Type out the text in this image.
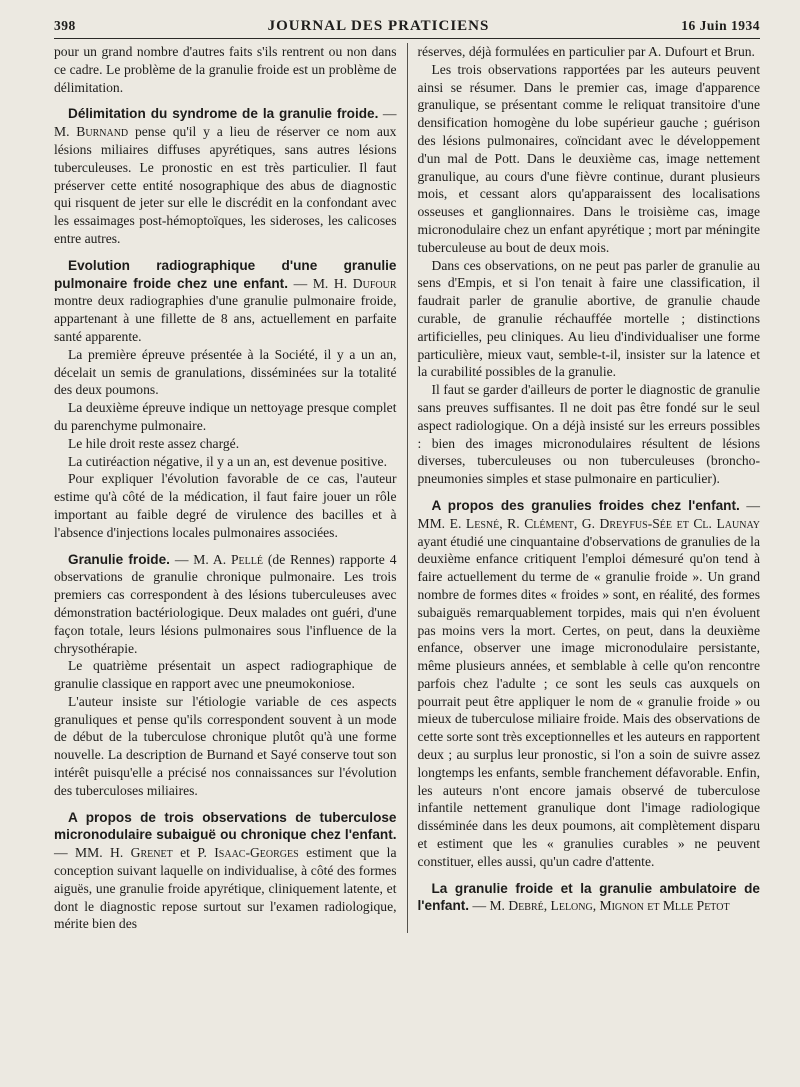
398	JOURNAL DES PRATICIENS	16 Juin 1934

pour un grand nombre d'autres faits s'ils rentrent ou non dans ce cadre. Le problème de la granulie froide est un problème de délimitation.

Délimitation du syndrome de la granulie froide. — M. Burnand pense qu'il y a lieu de réserver ce nom aux lésions miliaires diffuses apyrétiques, sans autres lésions tuberculeuses. Le pronostic en est très particulier. Il faut préserver cette entité nosographique des abus de diagnostic qui risquent de jeter sur elle le discrédit en la confondant avec les essaimages post-hémoptoïques, les sideroses, les calicoses entre autres.

Evolution radiographique d'une granulie pulmonaire froide chez une enfant. — M. H. Dufour montre deux radiographies d'une granulie pulmonaire froide, appartenant à une fillette de 8 ans, actuellement en parfaite santé apparente.

La première épreuve présentée à la Société, il y a un an, décelait un semis de granulations, disséminées sur la totalité des deux poumons.

La deuxième épreuve indique un nettoyage presque complet du parenchyme pulmonaire.

Le hile droit reste assez chargé.

La cutiréaction négative, il y a un an, est devenue positive.

Pour expliquer l'évolution favorable de ce cas, l'auteur estime qu'à côté de la médication, il faut faire jouer un rôle important au faible degré de virulence des bacilles et à l'absence d'injections locales pulmonaires associées.

Granulie froide. — M. A. Pellé (de Rennes) rapporte 4 observations de granulie chronique pulmonaire. Les trois premiers cas correspondent à des lésions tuberculeuses avec démonstration bactériologique. Deux malades ont guéri, d'une façon totale, leurs lésions pulmonaires sous l'influence de la chrysothérapie.

Le quatrième présentait un aspect radiographique de granulie classique en rapport avec une pneumokoniose.

L'auteur insiste sur l'étiologie variable de ces aspects granuliques et pense qu'ils correspondent souvent à un mode de début de la tuberculose chronique plutôt qu'à une forme nouvelle. La description de Burnand et Sayé conserve tout son intérêt puisqu'elle a précisé nos connaissances sur l'évolution des tuberculoses miliaires.

A propos de trois observations de tuberculose micronodulaire subaiguë ou chronique chez l'enfant. — MM. H. Grenet et P. Isaac-Georges estiment que la conception suivant laquelle on individualise, à côté des formes aiguës, une granulie froide apyrétique, cliniquement latente, et dont le diagnostic repose surtout sur l'examen radiologique, mérite bien des

réserves, déjà formulées en particulier par A. Dufourt et Brun.

Les trois observations rapportées par les auteurs peuvent ainsi se résumer. Dans le premier cas, image d'apparence granulique, se présentant comme le reliquat transitoire d'une densification homogène du lobe supérieur gauche ; guérison des lésions pulmonaires, coïncidant avec le développement d'un mal de Pott. Dans le deuxième cas, image nettement granulique, au cours d'une fièvre continue, durant plusieurs mois, et cessant alors qu'apparaissent des localisations osseuses et ganglionnaires. Dans le troisième cas, image micronodulaire chez un enfant apyrétique ; mort par méningite tuberculeuse au bout de deux mois.

Dans ces observations, on ne peut pas parler de granulie au sens d'Empis, et si l'on tenait à faire une classification, il faudrait parler de granulie abortive, de granulie chaude curable, de granulie réchauffée mortelle ; distinctions artificielles, peu cliniques. Au lieu d'individualiser une forme particulière, mieux vaut, semble-t-il, insister sur la latence et la curabilité possibles de la granulie.

Il faut se garder d'ailleurs de porter le diagnostic de granulie sans preuves suffisantes. Il ne doit pas être fondé sur le seul aspect radiologique. On a déjà insisté sur les erreurs possibles : bien des images micronodulaires résultent de lésions diverses, tuberculeuses ou non tuberculeuses (broncho-pneumonies simples et stase pulmonaire en particulier).

A propos des granulies froides chez l'enfant. — MM. E. Lesné, R. Clément, G. Dreyfus-Sée et Cl. Launay ayant étudié une cinquantaine d'observations de granulies de la deuxième enfance critiquent l'emploi démesuré qu'on tend à faire actuellement du terme de « granulie froide ». Un grand nombre de formes dites « froides » sont, en réalité, des formes subaiguës remarquablement torpides, mais qui n'en évoluent pas moins vers la mort. Certes, on peut, dans la deuxième enfance, observer une image micronodulaire persistante, même plusieurs années, et semblable à celle qu'on rencontre parfois chez l'adulte ; ce sont les seuls cas auxquels on pourrait peut être appliquer le nom de « granulie froide » ou mieux de tuberculose miliaire froide. Mais des observations de cette sorte sont très exceptionnelles et les auteurs en rapportent deux ; au surplus leur pronostic, si l'on a soin de suivre assez longtemps les enfants, semble franchement défavorable. Enfin, les auteurs n'ont encore jamais observé de tuberculose infantile nettement granulique dont l'image radiologique disséminée dans les deux poumons, ait complètement disparu et estiment que les « granulies curables » ne peuvent constituer, elles aussi, qu'un cadre d'attente.

La granulie froide et la granulie ambulatoire de l'enfant. — M. Debré, Lelong, Mignon et Mlle Petot
